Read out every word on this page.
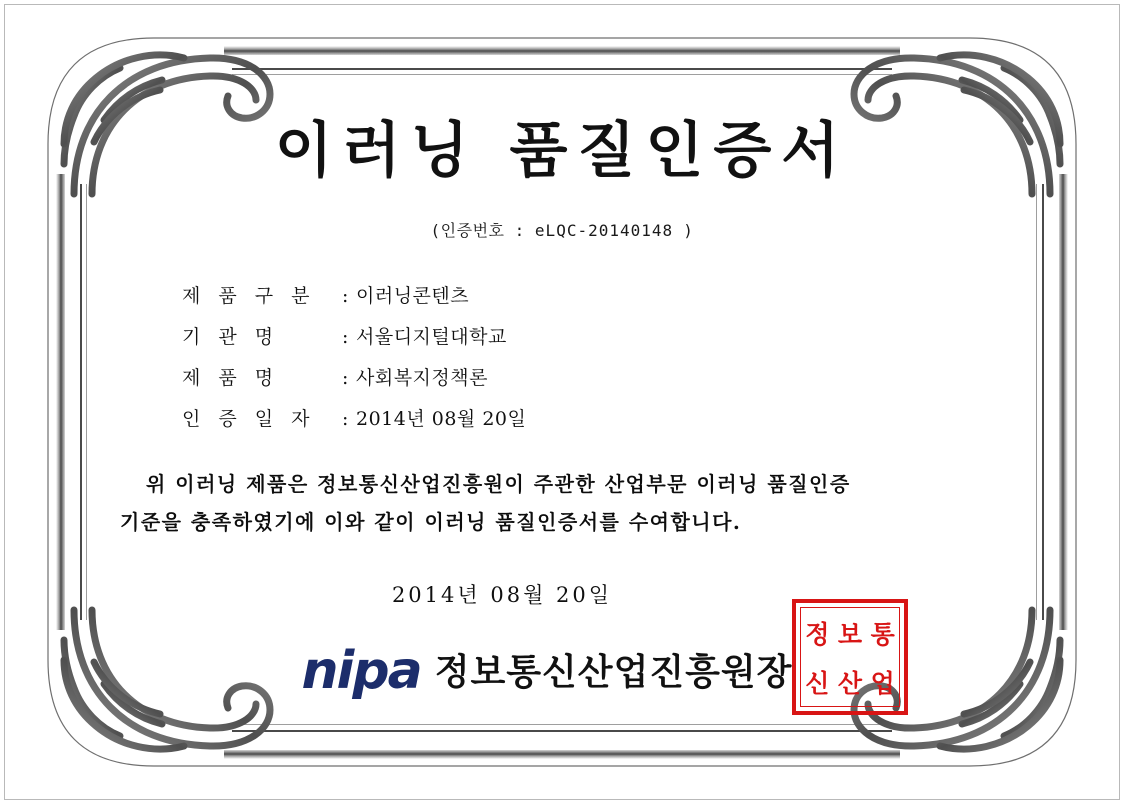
이러닝 품질인증서
(인증번호 : eLQC-20140148 )
제 품 구 분	: 이러닝콘텐츠
기 관 명	: 서울디지털대학교
제 품 명	: 사회복지정책론
인 증 일 자	: 2014년 08월 20일
위 이러닝 제품은 정보통신산업진흥원이 주관한 산업부문 이러닝 품질인증
기준을 충족하였기에 이와 같이 이러닝 품질인증서를 수여합니다.
2014년 08월 20일
nipa 정보통신산업진흥원장
정 보 통
신 산 업
